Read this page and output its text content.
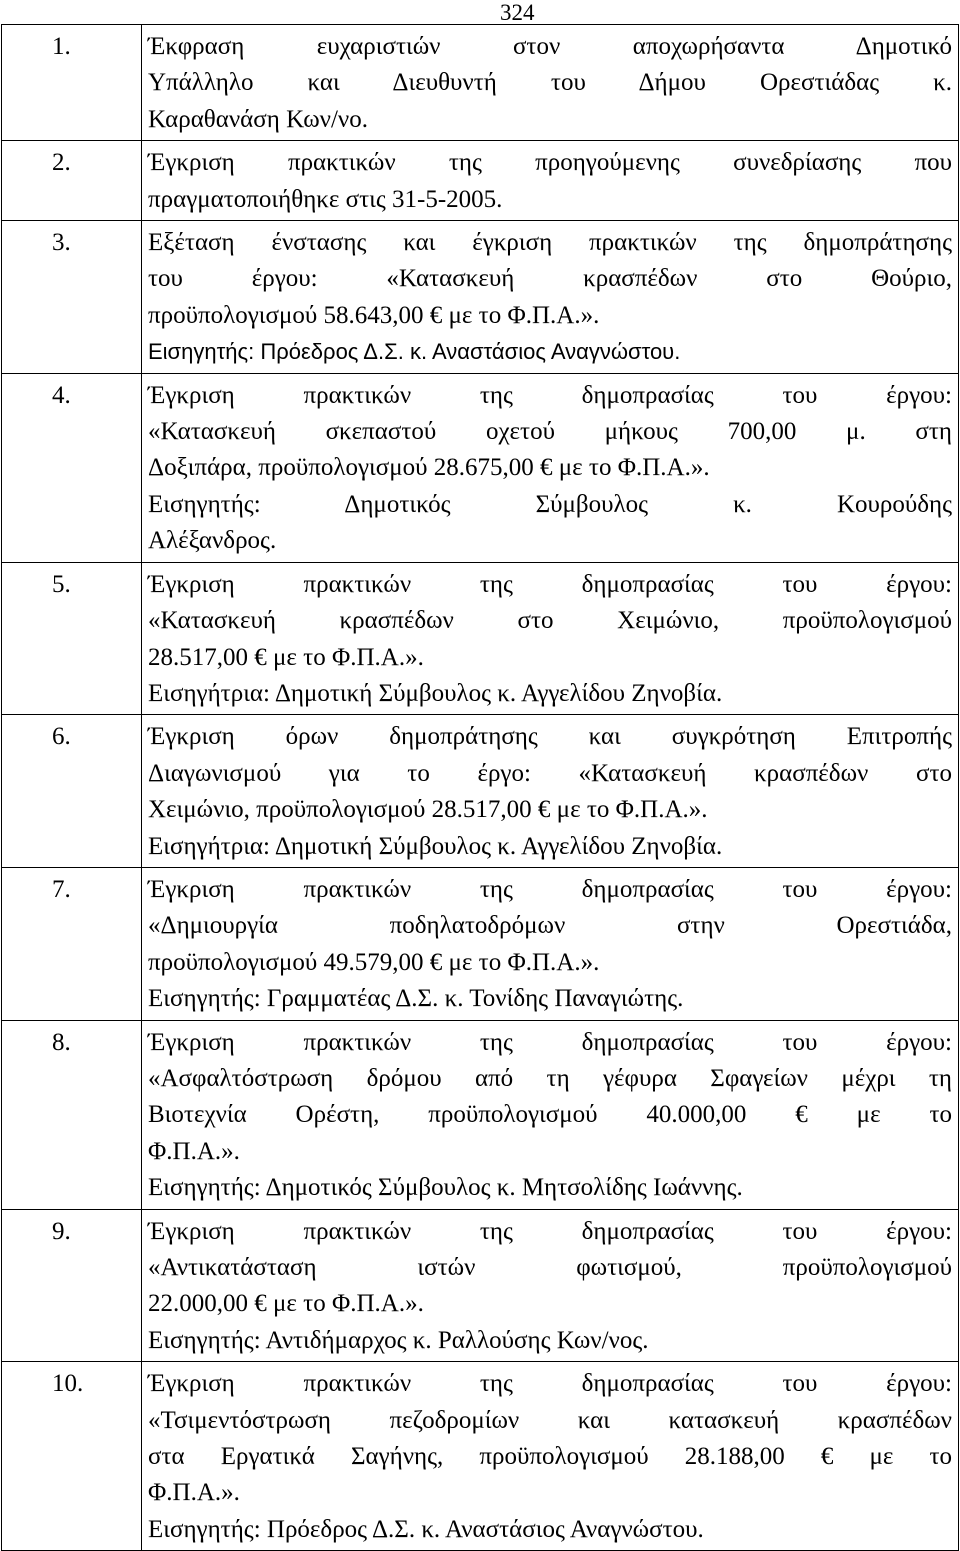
324
1.	Έκφραση ευχαριστιών στον αποχωρήσαντα Δημοτικό
Υπάλληλο και Διευθυντή του Δήμου Ορεστιάδας κ.
Καραθανάση Κων/νο.

2.	Έγκριση πρακτικών της προηγούμενης συνεδρίασης που
πραγματοποιήθηκε στις 31-5-2005.

3.	Εξέταση ένστασης και έγκριση πρακτικών της δημοπράτησης
του έργου: «Κατασκευή κρασπέδων στο Θούριο,
προϋπολογισμού 58.643,00 € με το Φ.Π.Α.».
Εισηγητής: Πρόεδρος Δ.Σ. κ. Αναστάσιος Αναγνώστου.

4.	Έγκριση πρακτικών της δημοπρασίας του έργου:
«Κατασκευή σκεπαστού οχετού μήκους 700,00 μ. στη
Δοξιπάρα, προϋπολογισμού 28.675,00 € με το Φ.Π.Α.».
Εισηγητής: Δημοτικός Σύμβουλος κ. Κουρούδης
Αλέξανδρος.

5.	Έγκριση πρακτικών της δημοπρασίας του έργου:
«Κατασκευή κρασπέδων στο Χειμώνιο, προϋπολογισμού
28.517,00 € με το Φ.Π.Α.».
Εισηγήτρια: Δημοτική Σύμβουλος κ. Αγγελίδου Ζηνοβία.

6.	Έγκριση όρων δημοπράτησης και συγκρότηση Επιτροπής
Διαγωνισμού για το έργο: «Κατασκευή κρασπέδων στο
Χειμώνιο, προϋπολογισμού 28.517,00 € με το Φ.Π.Α.».
Εισηγήτρια: Δημοτική Σύμβουλος κ. Αγγελίδου Ζηνοβία.

7.	Έγκριση πρακτικών της δημοπρασίας του έργου:
«Δημιουργία ποδηλατοδρόμων στην Ορεστιάδα,
προϋπολογισμού 49.579,00 € με το Φ.Π.Α.».
Εισηγητής: Γραμματέας Δ.Σ. κ. Τονίδης Παναγιώτης.

8.	Έγκριση πρακτικών της δημοπρασίας του έργου:
«Ασφαλτόστρωση δρόμου από τη γέφυρα Σφαγείων μέχρι τη
Βιοτεχνία Ορέστη, προϋπολογισμού 40.000,00 € με το
Φ.Π.Α.».
Εισηγητής: Δημοτικός Σύμβουλος κ. Μητσολίδης Ιωάννης.

9.	Έγκριση πρακτικών της δημοπρασίας του έργου:
«Αντικατάσταση ιστών φωτισμού, προϋπολογισμού
22.000,00 € με το Φ.Π.Α.».
Εισηγητής: Αντιδήμαρχος κ. Ραλλούσης Κων/νος.

10.	Έγκριση πρακτικών της δημοπρασίας του έργου:
«Τσιμεντόστρωση πεζοδρομίων και κατασκευή κρασπέδων
στα Εργατικά Σαγήνης, προϋπολογισμού 28.188,00 € με το
Φ.Π.Α.».
Εισηγητής: Πρόεδρος Δ.Σ. κ. Αναστάσιος Αναγνώστου.
